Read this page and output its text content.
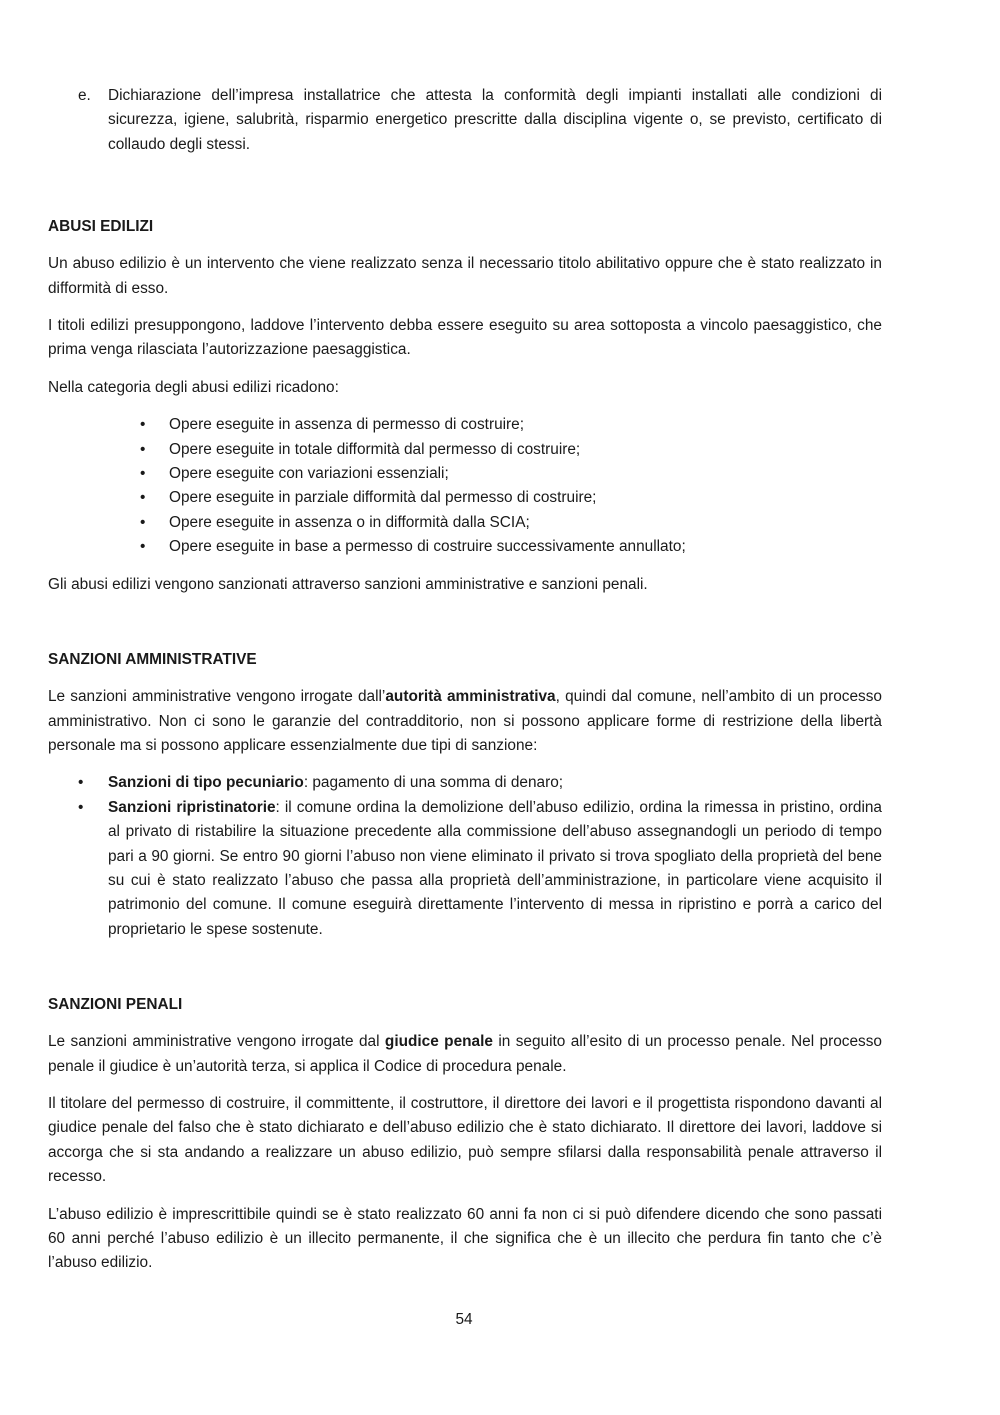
e.	Dichiarazione dell’impresa installatrice che attesta la conformità degli impianti installati alle condizioni di sicurezza, igiene, salubrità, risparmio energetico prescritte dalla disciplina vigente o, se previsto, certificato di collaudo degli stessi.
ABUSI EDILIZI

Un abuso edilizio è un intervento che viene realizzato senza il necessario titolo abilitativo oppure che è stato realizzato in difformità di esso.

I titoli edilizi presuppongono, laddove l’intervento debba essere eseguito su area sottoposta a vincolo paesaggistico, che prima venga rilasciata l’autorizzazione paesaggistica.

Nella categoria degli abusi edilizi ricadono:

•	Opere eseguite in assenza di permesso di costruire;
•	Opere eseguite in totale difformità dal permesso di costruire;
•	Opere eseguite con variazioni essenziali;
•	Opere eseguite in parziale difformità dal permesso di costruire;
•	Opere eseguite in assenza o in difformità dalla SCIA;
•	Opere eseguite in base a permesso di costruire successivamente annullato;

Gli abusi edilizi vengono sanzionati attraverso sanzioni amministrative e sanzioni penali.

SANZIONI AMMINISTRATIVE

Le sanzioni amministrative vengono irrogate dall’autorità amministrativa, quindi dal comune, nell’ambito di un processo amministrativo. Non ci sono le garanzie del contradditorio, non si possono applicare forme di restrizione della libertà personale ma si possono applicare essenzialmente due tipi di sanzione:

•	Sanzioni di tipo pecuniario: pagamento di una somma di denaro;
•	Sanzioni ripristinatorie: il comune ordina la demolizione dell’abuso edilizio, ordina la rimessa in pristino, ordina al privato di ristabilire la situazione precedente alla commissione dell’abuso assegnandogli un periodo di tempo pari a 90 giorni. Se entro 90 giorni l’abuso non viene eliminato il privato si trova spogliato della proprietà del bene su cui è stato realizzato l’abuso che passa alla proprietà dell’amministrazione, in particolare viene acquisito il patrimonio del comune. Il comune eseguirà direttamente l’intervento di messa in ripristino e porrà a carico del proprietario le spese sostenute.
SANZIONI PENALI

Le sanzioni amministrative vengono irrogate dal giudice penale in seguito all’esito di un processo penale. Nel processo penale il giudice è un’autorità terza, si applica il Codice di procedura penale.

Il titolare del permesso di costruire, il committente, il costruttore, il direttore dei lavori e il progettista rispondono davanti al giudice penale del falso che è stato dichiarato e dell’abuso edilizio che è stato dichiarato. Il direttore dei lavori, laddove si accorga che si sta andando a realizzare un abuso edilizio, può sempre sfilarsi dalla responsabilità penale attraverso il recesso.

L’abuso edilizio è imprescrittibile quindi se è stato realizzato 60 anni fa non ci si può difendere dicendo che sono passati 60 anni perché l’abuso edilizio è un illecito permanente, il che significa che è un illecito che perdura fin tanto che c’è l’abuso edilizio.

54
